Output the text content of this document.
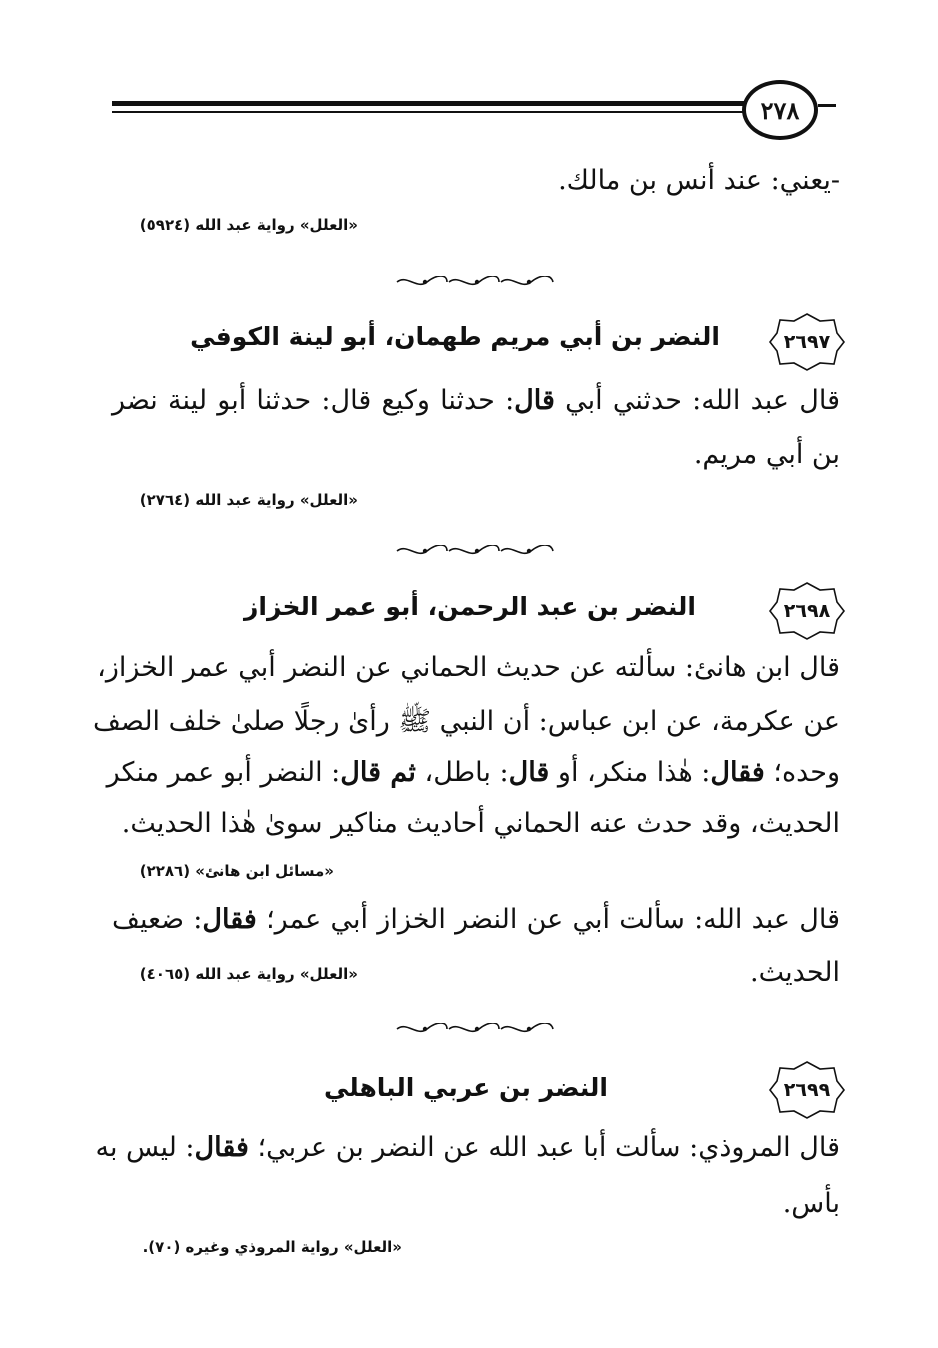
٢٧٨
-يعني: عند أنس بن مالك.
«العلل» رواية عبد الله (٥٩٢٤)
٢٦٩٧
النضر بن أبي مريم طهمان، أبو لينة الكوفي
قال عبد الله: حدثني أبي قال: حدثنا وكيع قال: حدثنا أبو لينة نضر
بن أبي مريم.
«العلل» رواية عبد الله (٢٧٦٤)
٢٦٩٨
النضر بن عبد الرحمن، أبو عمر الخزاز
قال ابن هانئ: سألته عن حديث الحماني عن النضر أبي عمر الخزاز،
عن عكرمة، عن ابن عباس: أن النبي ﷺ رأىٰ رجلًا صلىٰ خلف الصف
وحده؛ فقال: هٰذا منكر، أو قال: باطل، ثم قال: النضر أبو عمر منكر
الحديث، وقد حدث عنه الحماني أحاديث مناكير سوىٰ هٰذا الحديث.
«مسائل ابن هانئ» (٢٢٨٦)
قال عبد الله: سألت أبي عن النضر الخزاز أبي عمر؛ فقال: ضعيف
الحديث.
«العلل» رواية عبد الله (٤٠٦٥)
٢٦٩٩
النضر بن عربي الباهلي
قال المروذي: سألت أبا عبد الله عن النضر بن عربي؛ فقال: ليس به
بأس.
«العلل» رواية المروذي وغيره (٧٠).
